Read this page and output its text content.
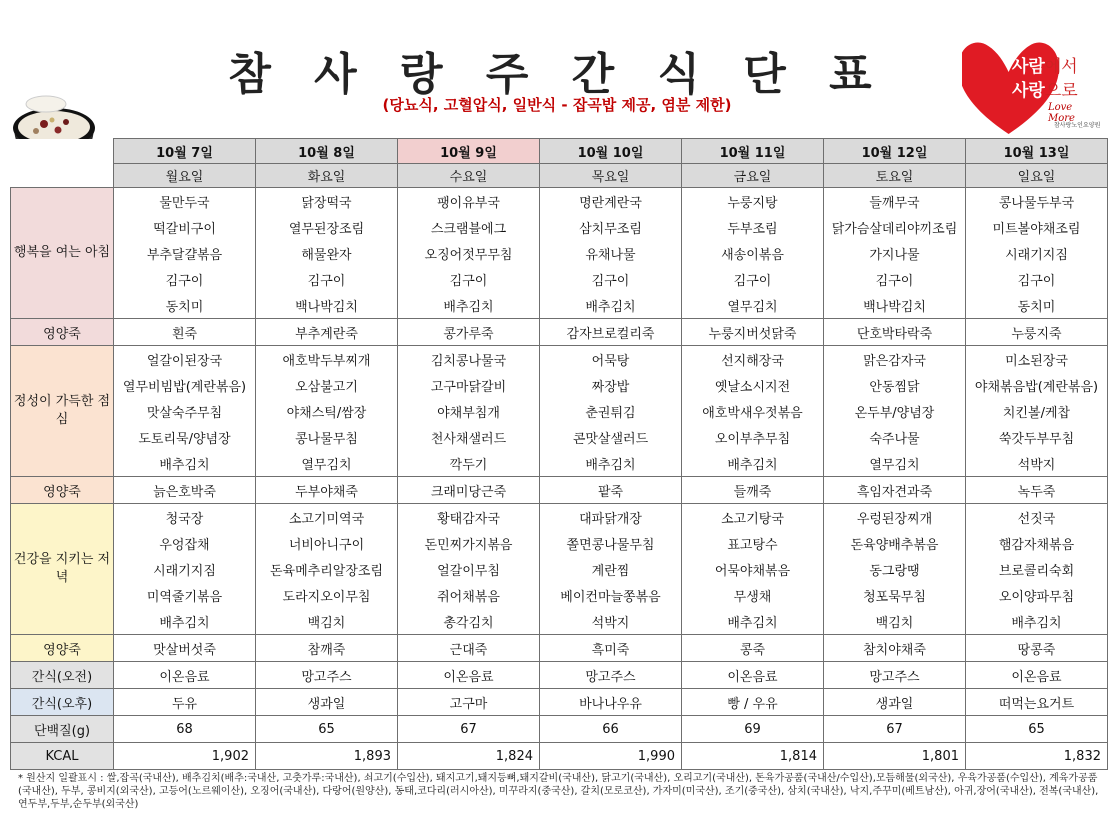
참 사 랑 주 간 식 단 표
(당뇨식, 고혈압식, 일반식 - 잡곡밥 제공, 염분 제한)
사람에서
사랑으로
Love More
참사랑노인요양원
	10월 7일	10월 8일	10월 9일	10월 10일	10월 11일	10월 12일	10월 13일
	월요일	화요일	수요일	목요일	금요일	토요일	일요일
행복을 여는 아침	물만두국	닭장떡국	팽이유부국	명란계란국	누룽지탕	들깨무국	콩나물두부국
	떡갈비구이	열무된장조림	스크램블에그	삼치무조림	두부조림	닭가슴살데리야끼조림	미트볼야채조림
	부추달걀볶음	해물완자	오징어젓무무침	유채나물	새송이볶음	가지나물	시래기지짐
	김구이	김구이	김구이	김구이	김구이	김구이	김구이
	동치미	백나박김치	배추김치	배추김치	열무김치	백나박김치	동치미
영양죽	흰죽	부추계란죽	콩가루죽	감자브로컬리죽	누룽지버섯닭죽	단호박타락죽	누룽지죽
정성이 가득한 점심	얼갈이된장국	애호박두부찌개	김치콩나물국	어묵탕	선지해장국	맑은감자국	미소된장국
	열무비빔밥(계란볶음)	오삼불고기	고구마닭갈비	짜장밥	옛날소시지전	안동찜닭	야채볶음밥(계란볶음)
	맛살숙주무침	야채스틱/쌈장	야채부침개	춘권튀김	애호박새우젓볶음	온두부/양념장	치킨볼/케찹
	도토리묵/양념장	콩나물무침	천사채샐러드	콘맛살샐러드	오이부추무침	숙주나물	쑥갓두부무침
	배추김치	열무김치	깍두기	배추김치	배추김치	열무김치	석박지
영양죽	늙은호박죽	두부야채죽	크래미당근죽	팥죽	들깨죽	흑임자견과죽	녹두죽
건강을 지키는 저녁	청국장	소고기미역국	황태감자국	대파닭개장	소고기탕국	우렁된장찌개	선짓국
	우엉잡채	너비아니구이	돈민찌가지볶음	쫄면콩나물무침	표고탕수	돈육양배추볶음	햄감자채볶음
	시래기지짐	돈육메추리알장조림	얼갈이무침	계란찜	어묵야채볶음	동그랑땡	브로콜리숙회
	미역줄기볶음	도라지오이무침	쥐어채볶음	베이컨마늘쫑볶음	무생채	청포묵무침	오이양파무침
	배추김치	백김치	총각김치	석박지	배추김치	백김치	배추김치
영양죽	맛살버섯죽	참깨죽	근대죽	흑미죽	콩죽	참치야채죽	땅콩죽
간식(오전)	이온음료	망고주스	이온음료	망고주스	이온음료	망고주스	이온음료
간식(오후)	두유	생과일	고구마	바나나우유	빵 / 우유	생과일	떠먹는요거트
단백질(g)	68	65	67	66	69	67	65
KCAL	1,902	1,893	1,824	1,990	1,814	1,801	1,832
* 원산지 일괄표시 : 쌀,잡곡(국내산), 배추김치(배추:국내산, 고춧가루:국내산), 쇠고기(수입산), 돼지고기,돼지등뼈,돼지갈비(국내산), 닭고기(국내산), 오리고기(국내산), 돈육가공품(국내산/수입산),모듬해물(외국산), 우육가공품(수입산), 계육가공품(국내산), 두부, 콩비지(외국산), 고등어(노르웨이산), 오징어(국내산), 다랑어(원양산), 동태,코다리(러시아산), 미꾸라지(중국산), 갈치(모로코산), 가자미(미국산), 조기(중국산), 삼치(국내산), 낙지,주꾸미(베트남산), 아귀,장어(국내산), 전복(국내산),연두부,두부,순두부(외국산)
